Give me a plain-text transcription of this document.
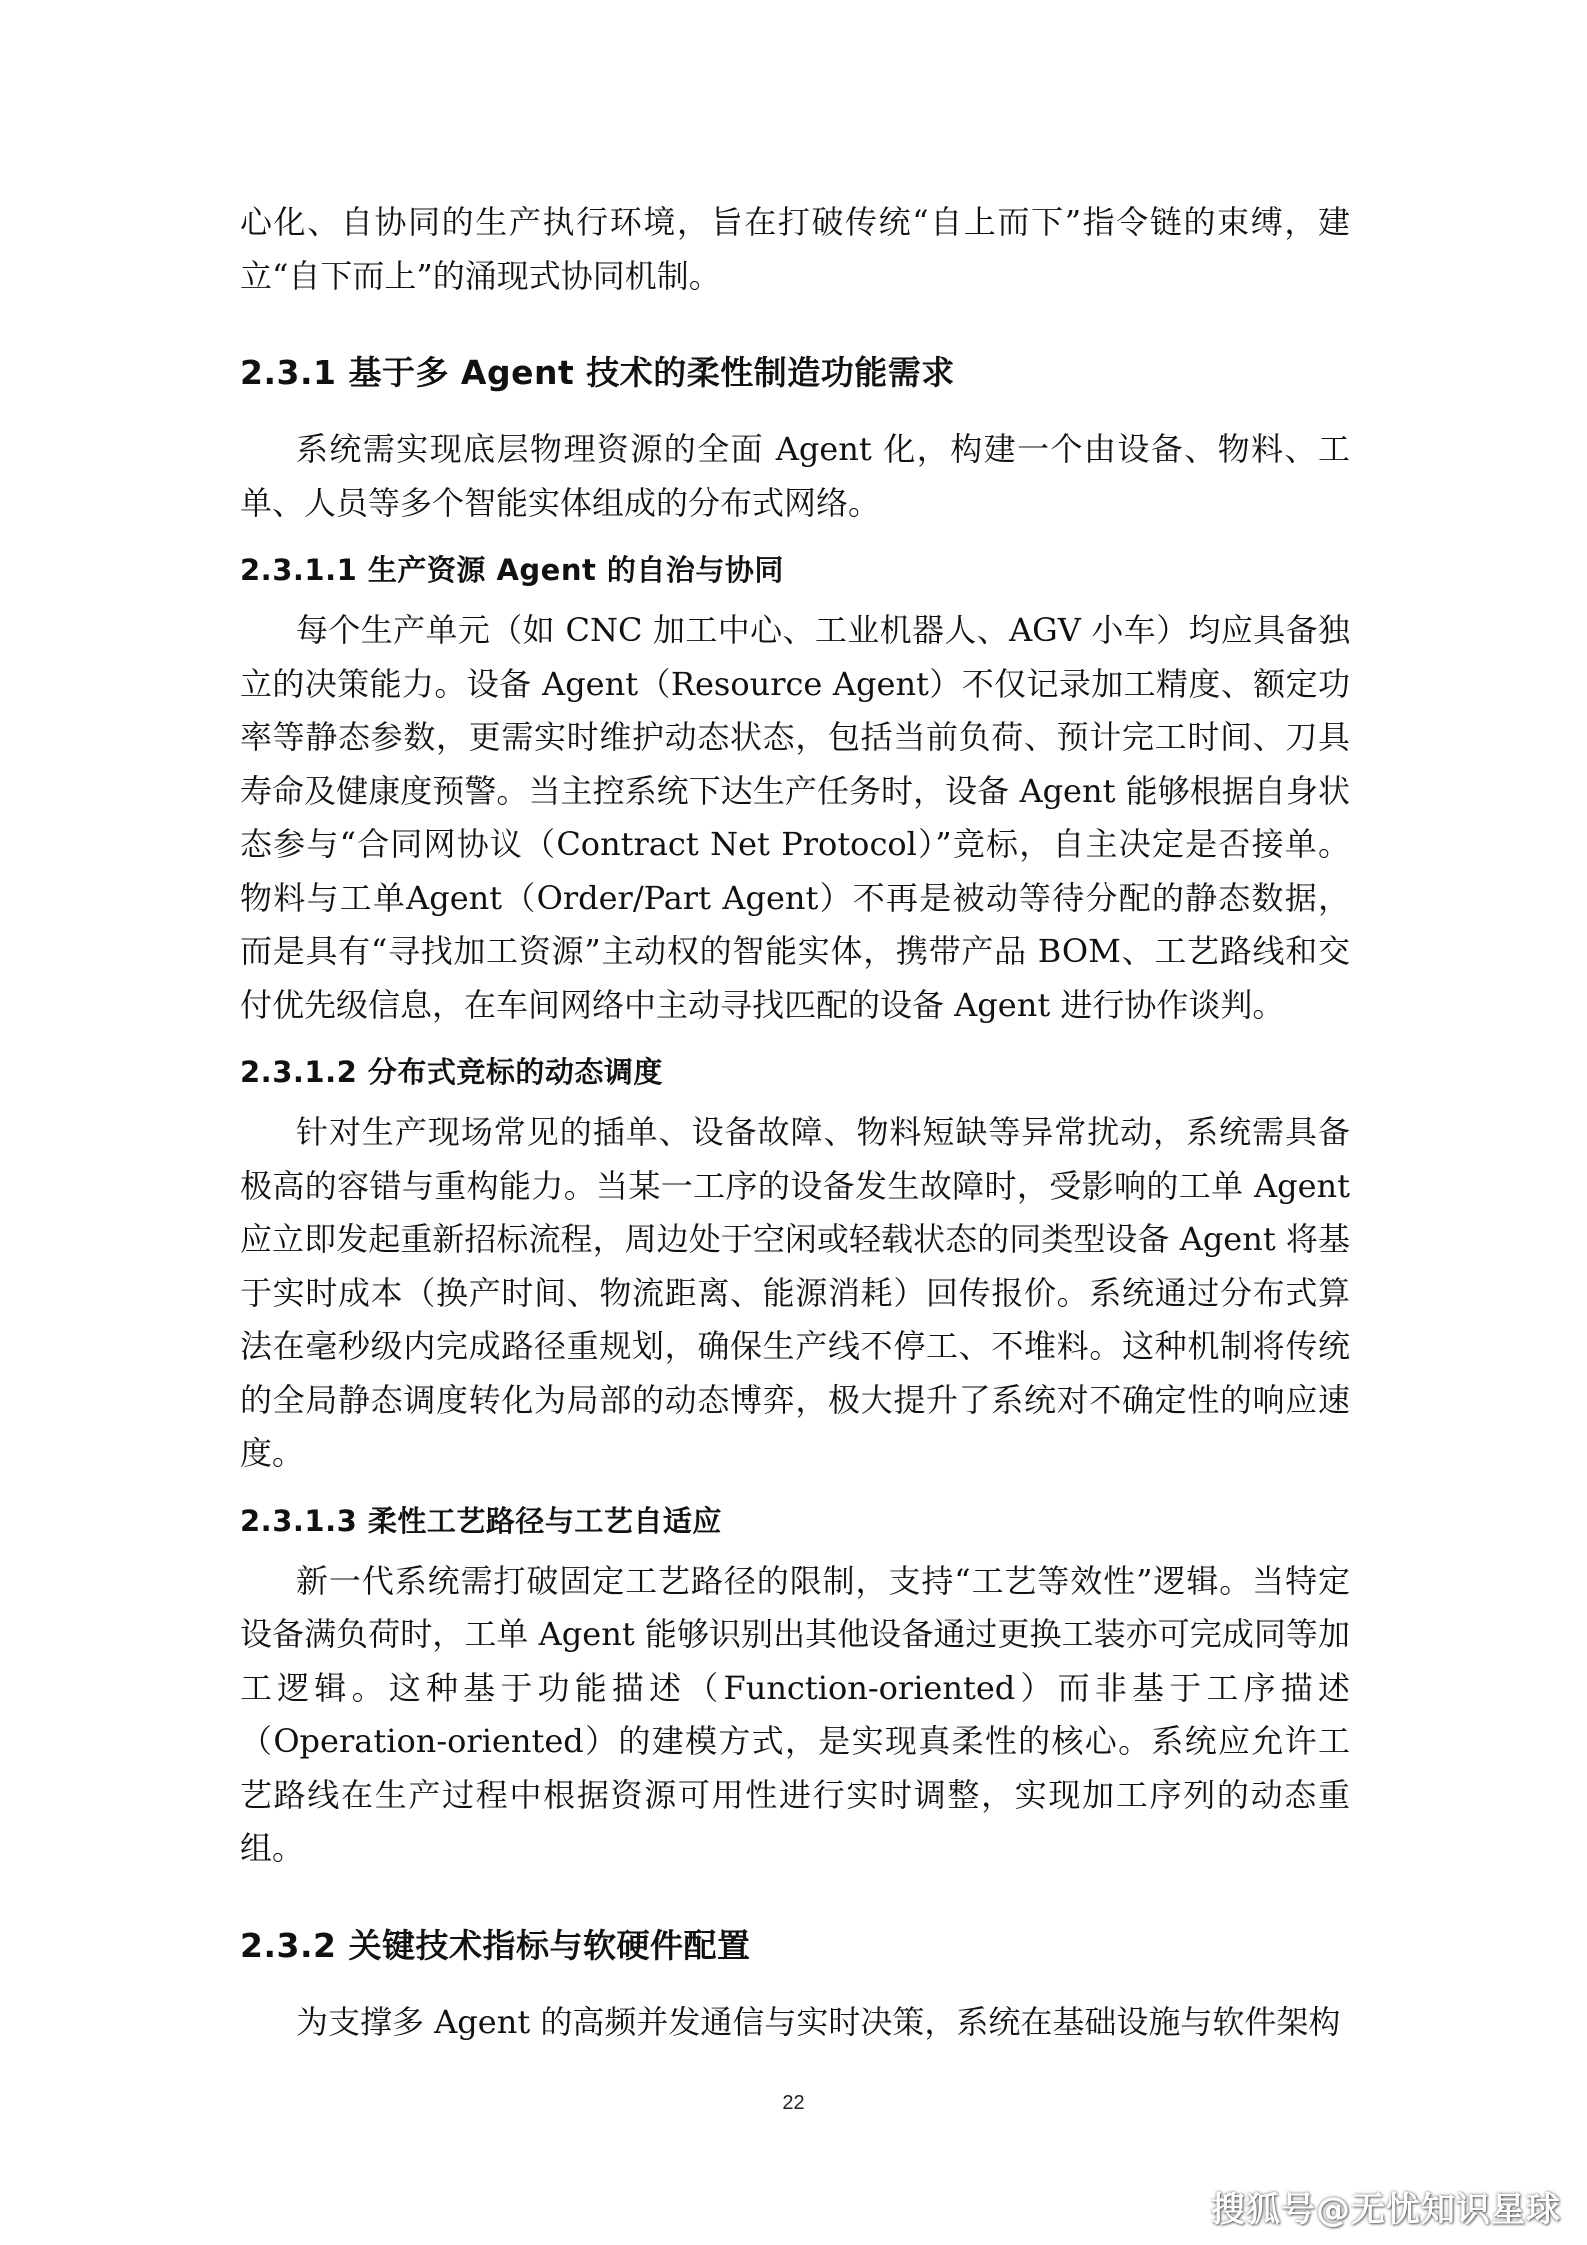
心化、自协同的生产执行环境，旨在打破传统“自上而下”指令链的束缚，建立“自下而上”的涌现式协同机制。

2.3.1 基于多 Agent 技术的柔性制造功能需求

系统需实现底层物理资源的全面 Agent 化，构建一个由设备、物料、工单、人员等多个智能实体组成的分布式网络。

2.3.1.1 生产资源 Agent 的自治与协同

每个生产单元（如 CNC 加工中心、工业机器人、AGV 小车）均应具备独立的决策能力。设备 Agent（Resource Agent）不仅记录加工精度、额定功率等静态参数，更需实时维护动态状态，包括当前负荷、预计完工时间、刀具寿命及健康度预警。当主控系统下达生产任务时，设备 Agent 能够根据自身状态参与“合同网协议（Contract Net Protocol）”竞标，自主决定是否接单。物料与工单Agent（Order/Part Agent）不再是被动等待分配的静态数据，而是具有“寻找加工资源”主动权的智能实体，携带产品 BOM、工艺路线和交付优先级信息，在车间网络中主动寻找匹配的设备 Agent 进行协作谈判。

2.3.1.2 分布式竞标的动态调度

针对生产现场常见的插单、设备故障、物料短缺等异常扰动，系统需具备极高的容错与重构能力。当某一工序的设备发生故障时，受影响的工单 Agent 应立即发起重新招标流程，周边处于空闲或轻载状态的同类型设备 Agent 将基于实时成本（换产时间、物流距离、能源消耗）回传报价。系统通过分布式算法在毫秒级内完成路径重规划，确保生产线不停工、不堆料。这种机制将传统的全局静态调度转化为局部的动态博弈，极大提升了系统对不确定性的响应速度。

2.3.1.3 柔性工艺路径与工艺自适应

新一代系统需打破固定工艺路径的限制，支持“工艺等效性”逻辑。当特定设备满负荷时，工单 Agent 能够识别出其他设备通过更换工装亦可完成同等加工逻辑。这种基于功能描述（Function-oriented）而非基于工序描述（Operation-oriented）的建模方式，是实现真柔性的核心。系统应允许工艺路线在生产过程中根据资源可用性进行实时调整，实现加工序列的动态重组。

2.3.2 关键技术指标与软硬件配置

为支撑多 Agent 的高频并发通信与实时决策，系统在基础设施与软件架构

22
搜狐号@无忧知识星球
